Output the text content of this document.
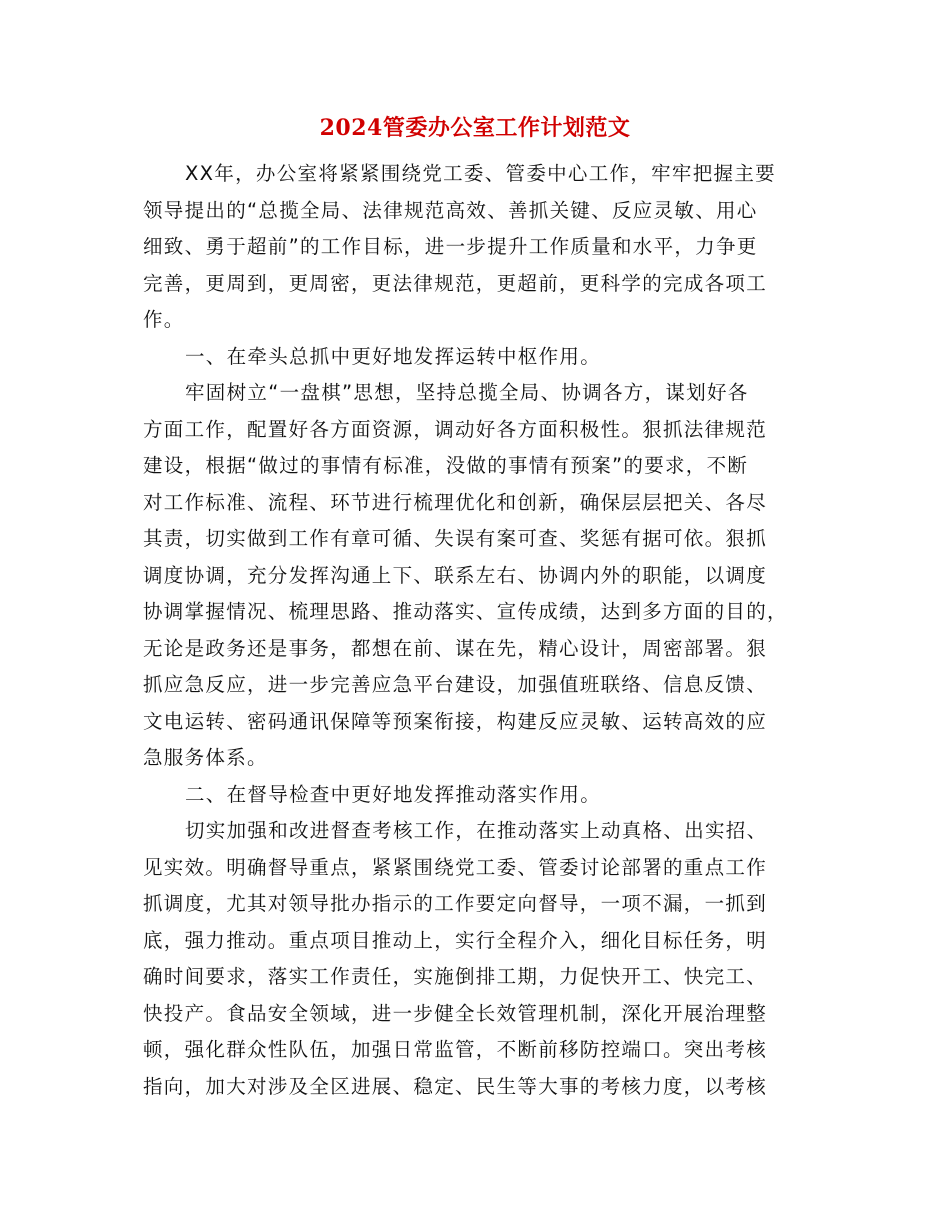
2024管委办公室工作计划范文
XX年，办公室将紧紧围绕党工委、管委中心工作，牢牢把握主要
领导提出的“总揽全局、法律规范高效、善抓关键、反应灵敏、用心
细致、勇于超前”的工作目标，进一步提升工作质量和水平，力争更
完善，更周到，更周密，更法律规范，更超前，更科学的完成各项工
作。
一、在牵头总抓中更好地发挥运转中枢作用。
牢固树立“一盘棋”思想，坚持总揽全局、协调各方，谋划好各
方面工作，配置好各方面资源，调动好各方面积极性。狠抓法律规范
建设，根据“做过的事情有标准，没做的事情有预案”的要求，不断
对工作标准、流程、环节进行梳理优化和创新，确保层层把关、各尽
其责，切实做到工作有章可循、失误有案可查、奖惩有据可依。狠抓
调度协调，充分发挥沟通上下、联系左右、协调内外的职能，以调度
协调掌握情况、梳理思路、推动落实、宣传成绩，达到多方面的目的，
无论是政务还是事务，都想在前、谋在先，精心设计，周密部署。狠
抓应急反应，进一步完善应急平台建设，加强值班联络、信息反馈、
文电运转、密码通讯保障等预案衔接，构建反应灵敏、运转高效的应
急服务体系。
二、在督导检查中更好地发挥推动落实作用。
切实加强和改进督查考核工作，在推动落实上动真格、出实招、
见实效。明确督导重点，紧紧围绕党工委、管委讨论部署的重点工作
抓调度，尤其对领导批办指示的工作要定向督导，一项不漏，一抓到
底，强力推动。重点项目推动上，实行全程介入，细化目标任务，明
确时间要求，落实工作责任，实施倒排工期，力促快开工、快完工、
快投产。食品安全领域，进一步健全长效管理机制，深化开展治理整
顿，强化群众性队伍，加强日常监管，不断前移防控端口。突出考核
指向，加大对涉及全区进展、稳定、民生等大事的考核力度，以考核
